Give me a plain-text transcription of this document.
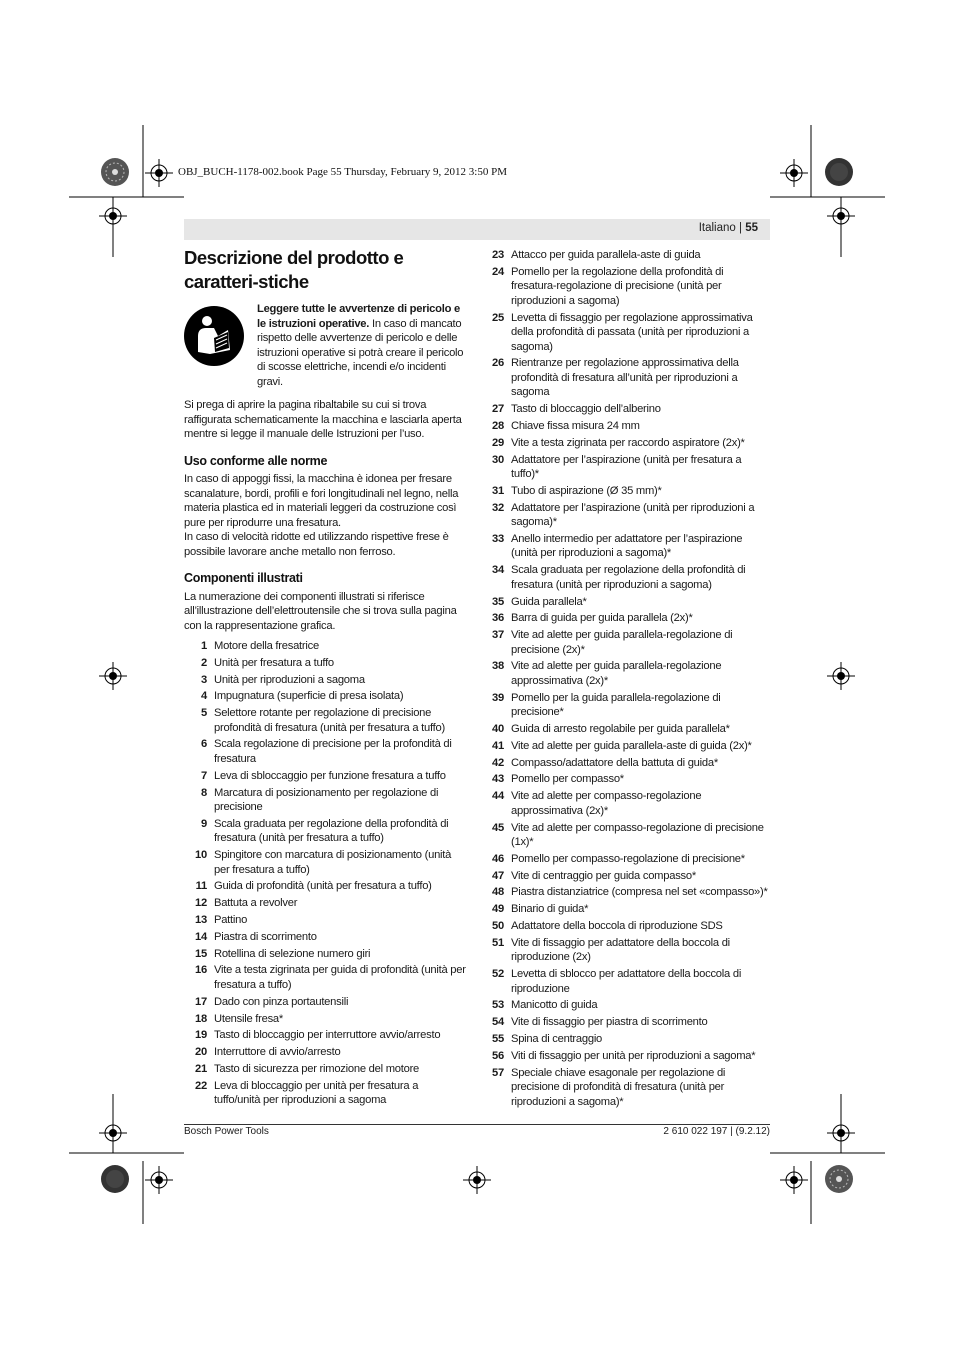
OBJ_BUCH-1178-002.book Page 55 Thursday, February 9, 2012 3:50 PM
Italiano | 55
Descrizione del prodotto e caratteri-stiche
Leggere tutte le avvertenze di pericolo e le istruzioni operative. In caso di mancato rispetto delle avvertenze di pericolo e delle istruzioni operative si potrà creare il pericolo di scosse elettriche, incendi e/o incidenti gravi.

Si prega di aprire la pagina ribaltabile su cui si trova raffigurata schematicamente la macchina e lasciarla aperta mentre si legge il manuale delle Istruzioni per l’uso.

Uso conforme alle norme

In caso di appoggi fissi, la macchina è idonea per fresare scanalature, bordi, profili e fori longitudinali nel legno, nella materia plastica ed in materiali leggeri da costruzione così pure per riprodurre una fresatura.

In caso di velocità ridotte ed utilizzando rispettive frese è possibile lavorare anche metallo non ferroso.

Componenti illustrati

La numerazione dei componenti illustrati si riferisce all’illustrazione dell’elettroutensile che si trova sulla pagina con la rappresentazione grafica.

1 Motore della fresatrice
2 Unità per fresatura a tuffo
3 Unità per riproduzioni a sagoma
4 Impugnatura (superficie di presa isolata)
5 Selettore rotante per regolazione di precisione profondità di fresatura (unità per fresatura a tuffo)
6 Scala regolazione di precisione per la profondità di fresatura
7 Leva di sbloccaggio per funzione fresatura a tuffo
8 Marcatura di posizionamento per regolazione di precisione
9 Scala graduata per regolazione della profondità di fresatura (unità per fresatura a tuffo)
10 Spingitore con marcatura di posizionamento (unità per fresatura a tuffo)
11 Guida di profondità (unità per fresatura a tuffo)
12 Battuta a revolver
13 Pattino
14 Piastra di scorrimento
15 Rotellina di selezione numero giri
16 Vite a testa zigrinata per guida di profondità (unità per fresatura a tuffo)
17 Dado con pinza portautensili
18 Utensile fresa*
19 Tasto di bloccaggio per interruttore avvio/arresto
20 Interruttore di avvio/arresto
21 Tasto di sicurezza per rimozione del motore
22 Leva di bloccaggio per unità per fresatura a tuffo/unità per riproduzioni a sagoma
23 Attacco per guida parallela-aste di guida
24 Pomello per la regolazione della profondità di fresatura-regolazione di precisione (unità per riproduzioni a sagoma)
25 Levetta di fissaggio per regolazione approssimativa della profondità di passata (unità per riproduzioni a sagoma)
26 Rientranze per regolazione approssimativa della profondità di fresatura all’unità per riproduzioni a sagoma
27 Tasto di bloccaggio dell’alberino
28 Chiave fissa misura 24 mm
29 Vite a testa zigrinata per raccordo aspiratore (2x)*
30 Adattatore per l’aspirazione (unità per fresatura a tuffo)*
31 Tubo di aspirazione (Ø 35 mm)*
32 Adattatore per l’aspirazione (unità per riproduzioni a sagoma)*
33 Anello intermedio per adattatore per l’aspirazione (unità per riproduzioni a sagoma)*
34 Scala graduata per regolazione della profondità di fresatura (unità per riproduzioni a sagoma)
35 Guida parallela*
36 Barra di guida per guida parallela (2x)*
37 Vite ad alette per guida parallela-regolazione di precisione (2x)*
38 Vite ad alette per guida parallela-regolazione approssimativa (2x)*
39 Pomello per la guida parallela-regolazione di precisione*
40 Guida di arresto regolabile per guida parallela*
41 Vite ad alette per guida parallela-aste di guida (2x)*
42 Compasso/adattatore della battuta di guida*
43 Pomello per compasso*
44 Vite ad alette per compasso-regolazione approssimativa (2x)*
45 Vite ad alette per compasso-regolazione di precisione (1x)*
46 Pomello per compasso-regolazione di precisione*
47 Vite di centraggio per guida compasso*
48 Piastra distanziatrice (compresa nel set «compasso»)*
49 Binario di guida*
50 Adattatore della boccola di riproduzione SDS
51 Vite di fissaggio per adattatore della boccola di riproduzione (2x)
52 Levetta di sblocco per adattatore della boccola di riproduzione
53 Manicotto di guida
54 Vite di fissaggio per piastra di scorrimento
55 Spina di centraggio
56 Viti di fissaggio per unità per riproduzioni a sagoma*
57 Speciale chiave esagonale per regolazione di precisione di profondità di fresatura (unità per riproduzioni a sagoma)*
Bosch Power Tools	2 610 022 197 | (9.2.12)
